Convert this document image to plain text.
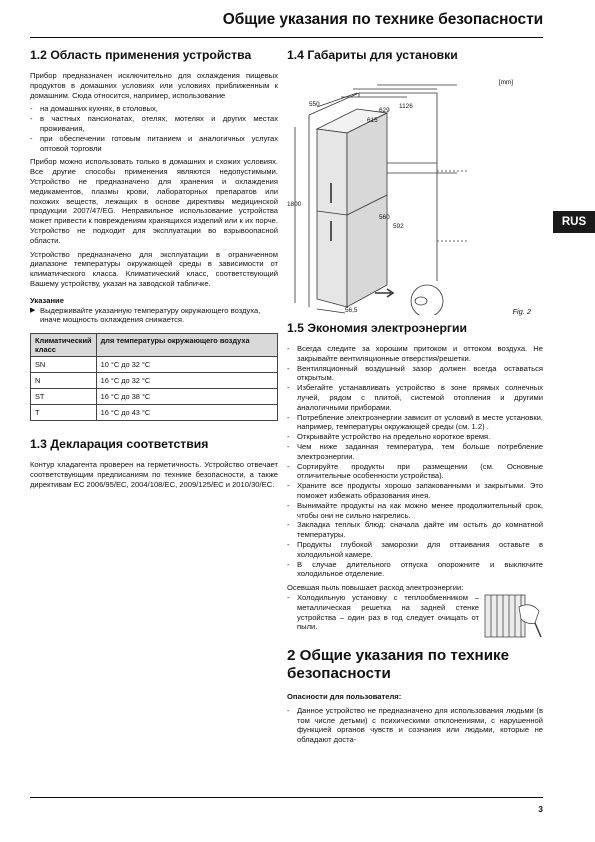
Общие указания по технике безопасности
RUS
1.2 Область применения устройства

Прибор предназначен исключительно для охлаждения пищевых продуктов в домашних условиях или условиях приближенным к домашним. Сюда относится, например, использование

- на домашних кухнях, в столовых,
- в частных пансионатах, отелях, мотелях и других местах проживания,
- при обеспечении готовым питанием и аналогичных услугах оптовой торговли

Прибор можно использовать только в домашних и схожих условиях. Все другие способы применения являются недопустимыми. Устройство не предназначено для хранения и охлаждения медикаментов, плазмы крови, лабораторных препаратов или похожих веществ, лежащих в основе директивы медицинской продукции 2007/47/EG. Неправильное использование устройства может привести к повреждениям хранящихся изделий или к их порче. Устройство не подходит для эксплуатации во взрывоопасной области.

Устройство предназначено для эксплуатации в ограниченном диапазоне температуры окружающей среды в зависимости от климатического класса. Климатический класс, соответствующий Вашему устройству, указан на заводской табличке.

Указание

▶ Выдерживайте указанную температуру окружающего воздуха, иначе мощность охлаждения снижается.
Климатический класс	для температуры окружающего воздуха
SN	10 °C до 32 °C
N	16 °C до 32 °C
ST	16 °C до 38 °C
T	16 °C до 43 °C
1.3 Декларация соответствия

Контур хладагента проверен на герметичность. Устройство отвечает соответствующим предписаниям по технике безопасности, а также директивам ЕС 2006/95/EC, 2004/108/EC, 2009/125/EC и 2010/30/EC.

1.4 Габариты для установки
[mm]
550
629
1126
615
560
592
1800
56,5	Fig. 2
1.5 Экономия электроэнергии
- Всегда следите за хорошим притоком и оттоком воздуха. Не закрывайте вентиляционные отверстия/решетки.
- Вентиляционный воздушный зазор должен всегда оставаться открытым.
- Избегайте устанавливать устройство в зоне прямых солнечных лучей, рядом с плитой, системой отопления и другими аналогичными приборами.
- Потребление электроэнергии зависит от условий в месте установки, например, температуры окружающей среды (см. 1.2) .
- Открывайте устройство на предельно короткое время.
- Чем ниже заданная температура, тем больше потребление электроэнергии.
- Сортируйте продукты при размещении (см. Основные отличительные особенности устройства).
- Храните все продукты хорошо запакованными и закрытыми. Это поможет избежать образования инея.
- Вынимайте продукты на как можно менее продолжительный срок, чтобы они не сильно нагрелись.
- Закладка теплых блюд: сначала дайте им остыть до комнатной температуры.
- Продукты глубокой заморозки для оттаивания оставьте в холодильной камере.
- В случае длительного отпуска опорожните и выключите холодильное отделение.

Осевшая пыль повышает расход электроэнергии:

- Холодильную установку с теплообменником – металлическая решетка на задней стенке устройства – один раз в год следует очищать от пыли.
2 Общие указания по технике безопасности

Опасности для пользователя:

- Данное устройство не предназначено для использования людьми (в том числе детьми) с психическими отклонениями, с нарушенной функцией органов чувств и сознания или людьми, которые не обладают доста-
3
